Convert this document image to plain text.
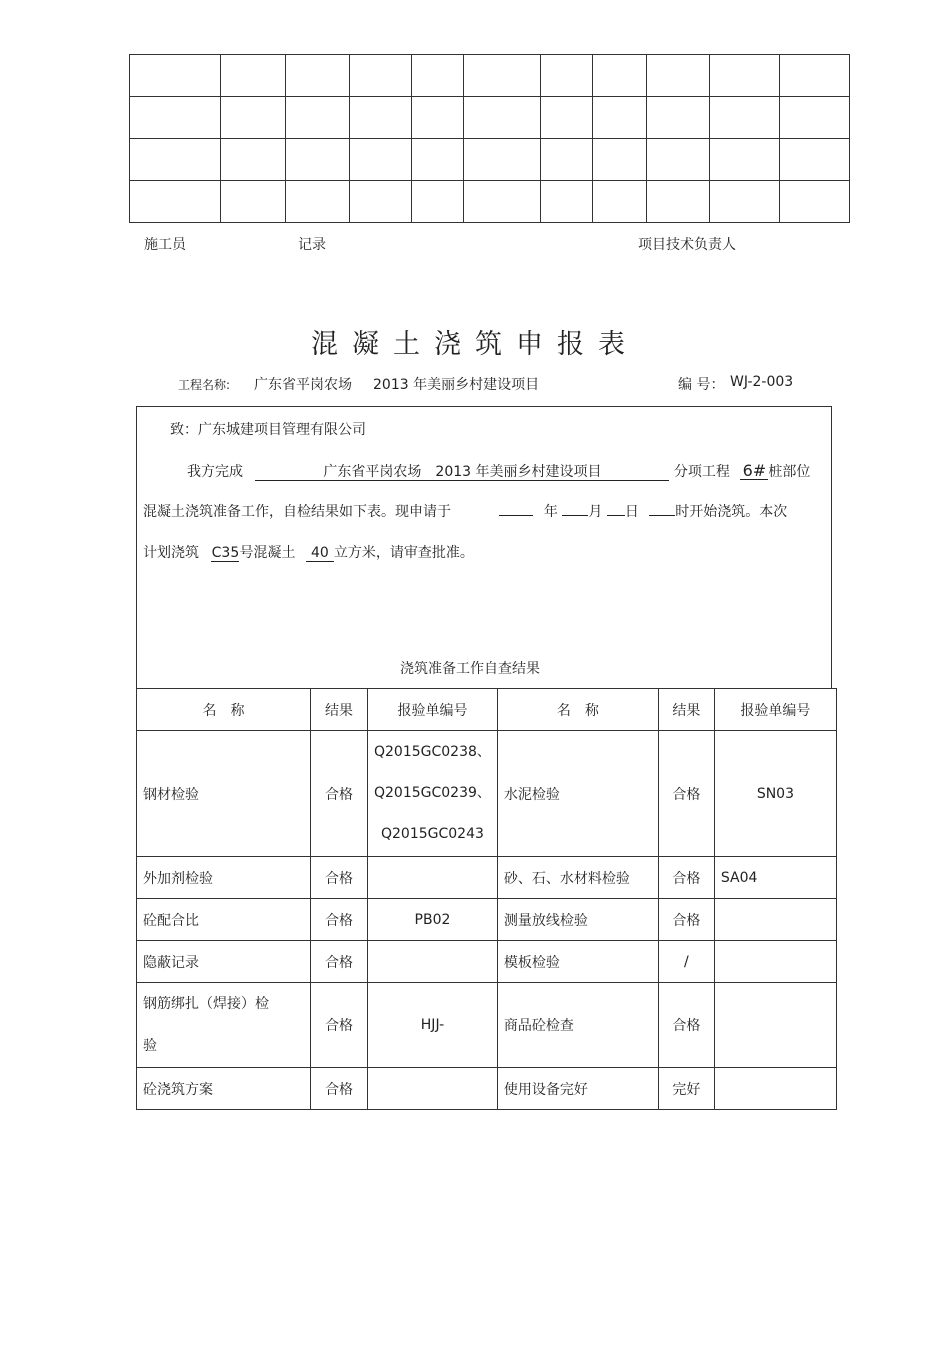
施工员	记录	项目技术负责人
混凝土浇筑申报表
工程名称: 广东省平岗农场 2013 年美丽乡村建设项目	编 号： WJ-2-003
致：广东城建项目管理有限公司
我方完成	广东省平岗农场　2013 年美丽乡村建设项目	分项工程 6# 桩部位
混凝土浇筑准备工作，自检结果如下表。现申请于	年 月 日	时开始浇筑。本次
计划浇筑 C35号混凝土 40 立方米，请审查批准。
浇筑准备工作自查结果
名　称	结果	报验单编号	名　称	结果	报验单编号
钢材检验	合格	Q2015GC0238、
Q2015GC0239、
Q2015GC0243	水泥检验	合格	SN03
外加剂检验	合格		砂、石、水材料检验	合格	SA04
砼配合比	合格	PB02	测量放线检验	合格	
隐蔽记录	合格		模板检验	/	

钢筋绑扎（焊接）检
验	合格	HJJ-	商品砼检查	合格	
砼浇筑方案	合格		使用设备完好	完好	
